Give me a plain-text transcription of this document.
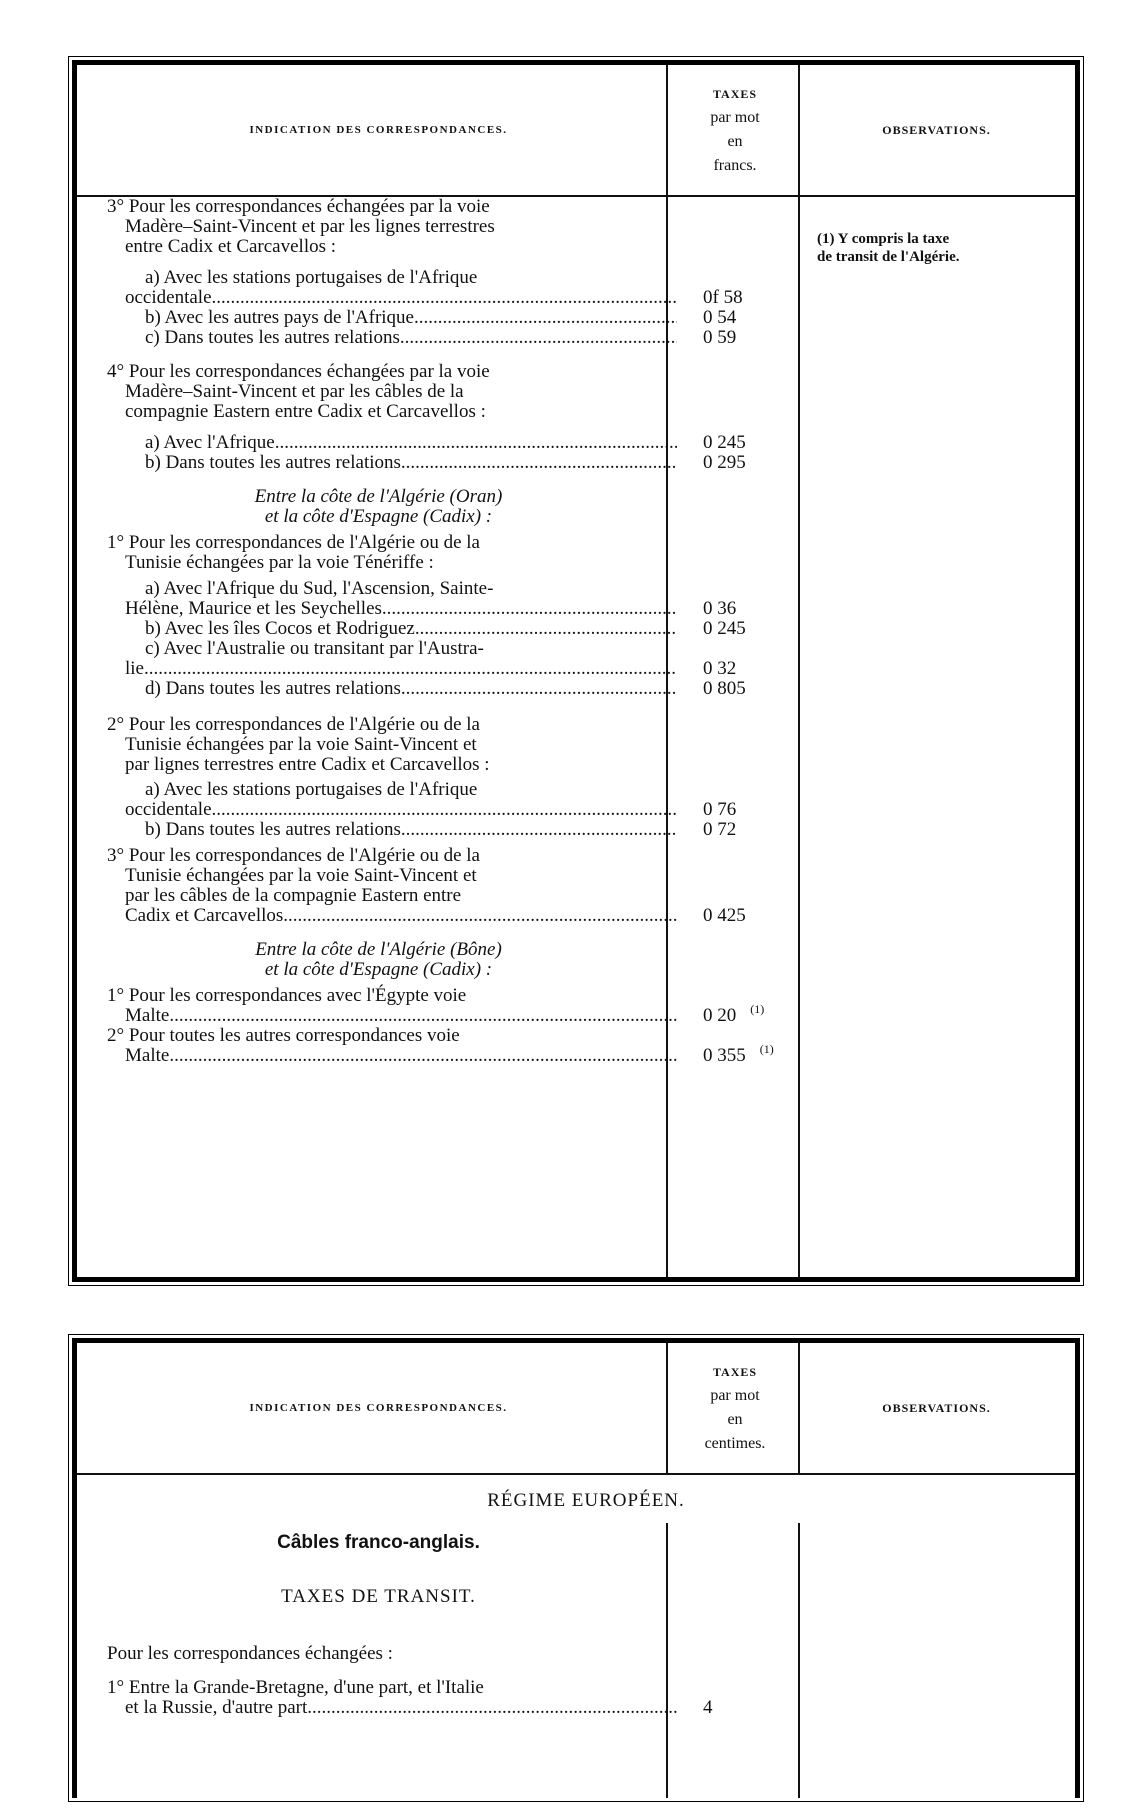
INDICATION DES CORRESPONDANCES.
TAXES
par mot
en
francs.
OBSERVATIONS.
(1) Y compris la taxe
de transit de l'Algérie.
3° Pour les correspondances échangées par la voie
Madère–Saint-Vincent et par les lignes terrestres
entre Cadix et Carcavellos :
a) Avec les stations portugaises de l'Afrique
occidentale .....	0f 58
b) Avec les autres pays de l'Afrique .....	0 54
c) Dans toutes les autres relations .....	0 59
4° Pour les correspondances échangées par la voie
Madère–Saint-Vincent et par les câbles de la
compagnie Eastern entre Cadix et Carcavellos :
a) Avec l'Afrique .....	0 245
b) Dans toutes les autres relations .....	0 295
Entre la côte de l'Algérie (Oran)
et la côte d'Espagne (Cadix) :
1° Pour les correspondances de l'Algérie ou de la
Tunisie échangées par la voie Ténériffe :
a) Avec l'Afrique du Sud, l'Ascension, Sainte-
Hélène, Maurice et les Seychelles .....	0 36
b) Avec les îles Cocos et Rodriguez .....	0 245
c) Avec l'Australie ou transitant par l'Austra-
lie .....	0 32
d) Dans toutes les autres relations .....	0 805
2° Pour les correspondances de l'Algérie ou de la
Tunisie échangées par la voie Saint-Vincent et
par lignes terrestres entre Cadix et Carcavellos :
a) Avec les stations portugaises de l'Afrique
occidentale .....	0 76
b) Dans toutes les autres relations .....	0 72
3° Pour les correspondances de l'Algérie ou de la
Tunisie échangées par la voie Saint-Vincent et
par les câbles de la compagnie Eastern entre
Cadix et Carcavellos .....	0 425
Entre la côte de l'Algérie (Bône)
et la côte d'Espagne (Cadix) :
1° Pour les correspondances avec l'Égypte voie
Malte .....	0 20 $^{(1)}$
2° Pour toutes les autres correspondances voie
Malte .....	0 355 $^{(1)}$
INDICATION DES CORRESPONDANCES.
TAXES
par mot
en
centimes.
OBSERVATIONS.
RÉGIME EUROPÉEN.
Câbles franco-anglais.
TAXES DE TRANSIT.
Pour les correspondances échangées :
1° Entre la Grande-Bretagne, d'une part, et l'Italie
et la Russie, d'autre part .....	4
